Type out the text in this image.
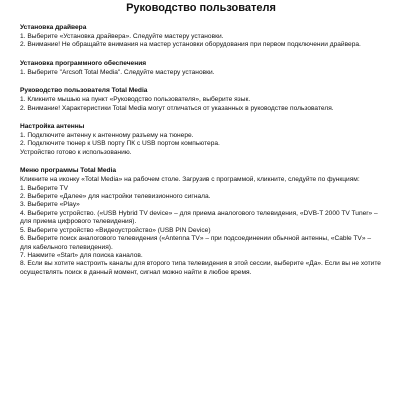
Руководство пользователя
Установка драйвера

1. Выберите «Установка драйвера». Следуйте мастеру установки.

2. Внимание! Не обращайте внимания на мастер установки оборудования при первом подключении драйвера.

Установка программного обеспечения

1. Выберите "Arcsoft Total Media". Следуйте мастеру установки.

Руководство пользователя Total Media

1. Кликните мышью на пункт «Руководство пользователя», выберите язык.

2. Внимание! Характеристики Total Media могут отличаться от указанных в руководстве пользователя.

Настройка антенны

1. Подключите антенну к антенному разъему на тюнере.

2. Подключите тюнер к USB порту ПК с USB портом компьютера.

Устройство готово к использованию.

Меню программы Total Media

Кликните на иконку «Total Media» на рабочем столе. Загрузив с программой, кликните, следуйте по функциям:

1. Выберите TV

2. Выберите «Далее» для настройки телевизионного сигнала.

3. Выберите «Play»

4. Выберите устройство. («USB Hybrid TV device» – для приема аналогового телевидения, «DVB-T 2000 TV Tuner» – для приема цифрового телевидения).

5. Выберите устройство «Видеоустройство» (USB PIN Device)

6. Выберите поиск аналогового телевидения («Antenna TV» – при подсоединении обычной антенны, «Cable TV» – для кабельного телевидения).

7. Нажмите «Start» для поиска каналов.

8. Если вы хотите настроить каналы для второго типа телевидения в этой сессии, выберите «Да». Если вы не хотите осуществлять поиск в данный момент, сигнал можно найти в любое время.
